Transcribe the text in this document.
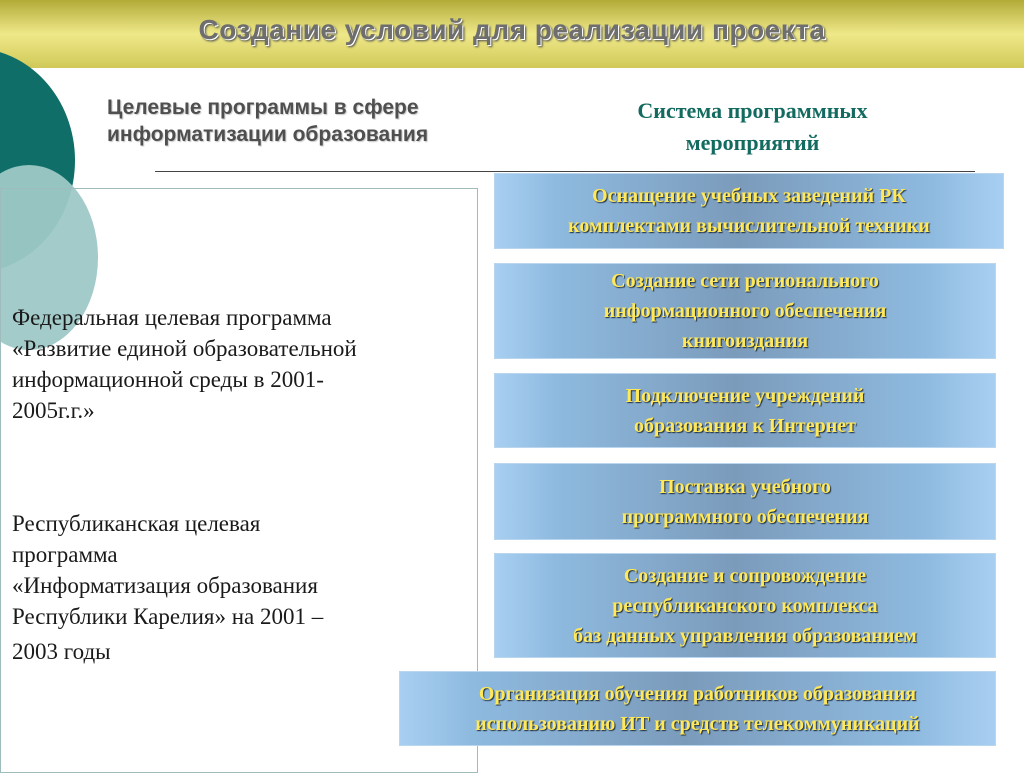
Создание условий для реализации проекта
Целевые программы в сфере
информатизации образования
Система программных
мероприятий
Федеральная целевая программа
«Развитие единой образовательной
информационной среды в 2001-
2005г.г.»
Республиканская целевая
программа
«Информатизация образования
Республики Карелия» на 2001 –
2003 годы
Оснащение учебных заведений РК
комплектами вычислительной техники
Создание сети регионального
информационного обеспечения
книгоиздания
Подключение учреждений
образования к Интернет
Поставка учебного
программного обеспечения
Создание и сопровождение
республиканского комплекса
баз данных управления образованием
Организация обучения работников образования
использованию ИТ и средств телекоммуникаций
